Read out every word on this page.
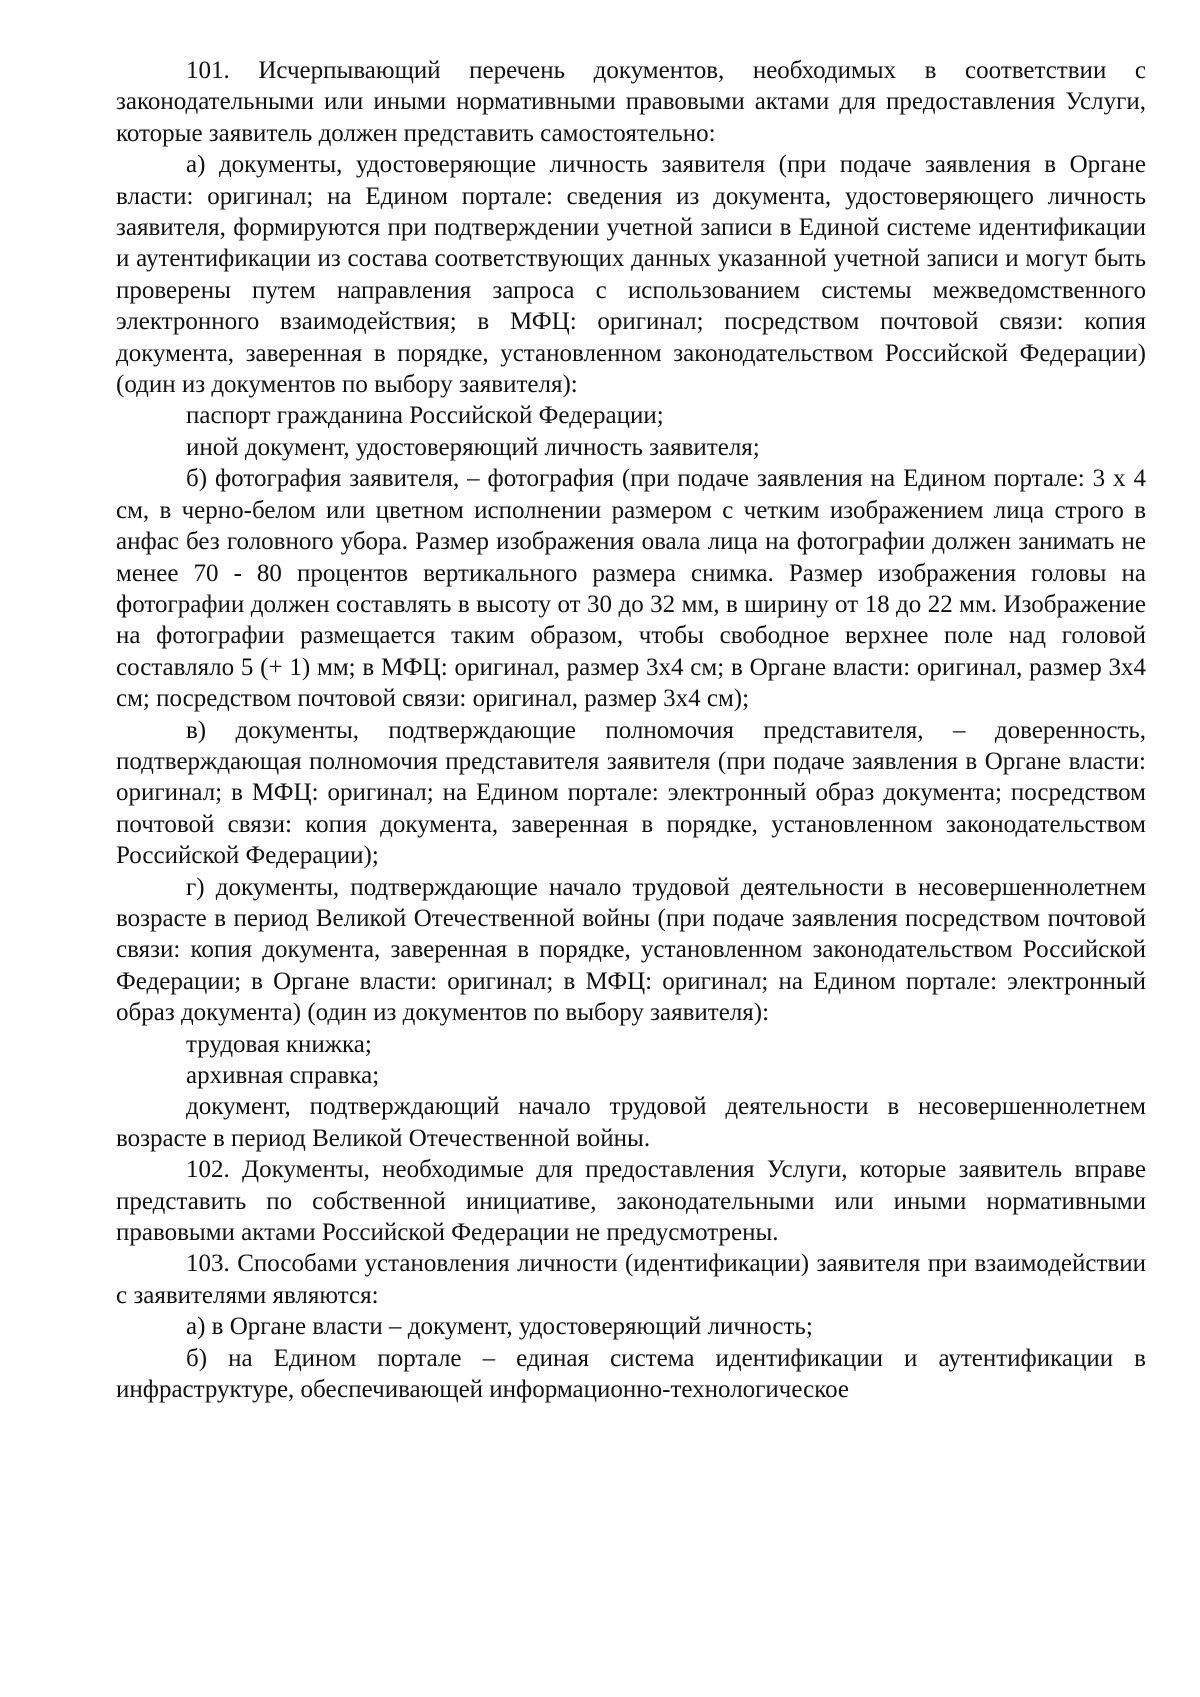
101. Исчерпывающий перечень документов, необходимых в соответствии с законодательными или иными нормативными правовыми актами для предоставления Услуги, которые заявитель должен представить самостоятельно:

а) документы, удостоверяющие личность заявителя (при подаче заявления в Органе власти: оригинал; на Едином портале: сведения из документа, удостоверяющего личность заявителя, формируются при подтверждении учетной записи в Единой системе идентификации и аутентификации из состава соответствующих данных указанной учетной записи и могут быть проверены путем направления запроса с использованием системы межведомственного электронного взаимодействия; в МФЦ: оригинал; посредством почтовой связи: копия документа, заверенная в порядке, установленном законодательством Российской Федерации) (один из документов по выбору заявителя):

паспорт гражданина Российской Федерации;

иной документ, удостоверяющий личность заявителя;

б) фотография заявителя, – фотография (при подаче заявления на Едином портале: 3 х 4 см, в черно-белом или цветном исполнении размером с четким изображением лица строго в анфас без головного убора. Размер изображения овала лица на фотографии должен занимать не менее 70 - 80 процентов вертикального размера снимка. Размер изображения головы на фотографии должен составлять в высоту от 30 до 32 мм, в ширину от 18 до 22 мм. Изображение на фотографии размещается таким образом, чтобы свободное верхнее поле над головой составляло 5 (+ 1) мм; в МФЦ: оригинал, размер 3х4 см; в Органе власти: оригинал, размер 3х4 см; посредством почтовой связи: оригинал, размер 3х4 см);

в) документы, подтверждающие полномочия представителя, – доверенность, подтверждающая полномочия представителя заявителя (при подаче заявления в Органе власти: оригинал; в МФЦ: оригинал; на Едином портале: электронный образ документа; посредством почтовой связи: копия документа, заверенная в порядке, установленном законодательством Российской Федерации);

г) документы, подтверждающие начало трудовой деятельности в несовершеннолетнем возрасте в период Великой Отечественной войны (при подаче заявления посредством почтовой связи: копия документа, заверенная в порядке, установленном законодательством Российской Федерации; в Органе власти: оригинал; в МФЦ: оригинал; на Едином портале: электронный образ документа) (один из документов по выбору заявителя):

трудовая книжка;

архивная справка;

документ, подтверждающий начало трудовой деятельности в несовершеннолетнем возрасте в период Великой Отечественной войны.

102. Документы, необходимые для предоставления Услуги, которые заявитель вправе представить по собственной инициативе, законодательными или иными нормативными правовыми актами Российской Федерации не предусмотрены.

103. Способами установления личности (идентификации) заявителя при взаимодействии с заявителями являются:

а) в Органе власти – документ, удостоверяющий личность;

б) на Едином портале – единая система идентификации и аутентификации в инфраструктуре, обеспечивающей информационно-технологическое
